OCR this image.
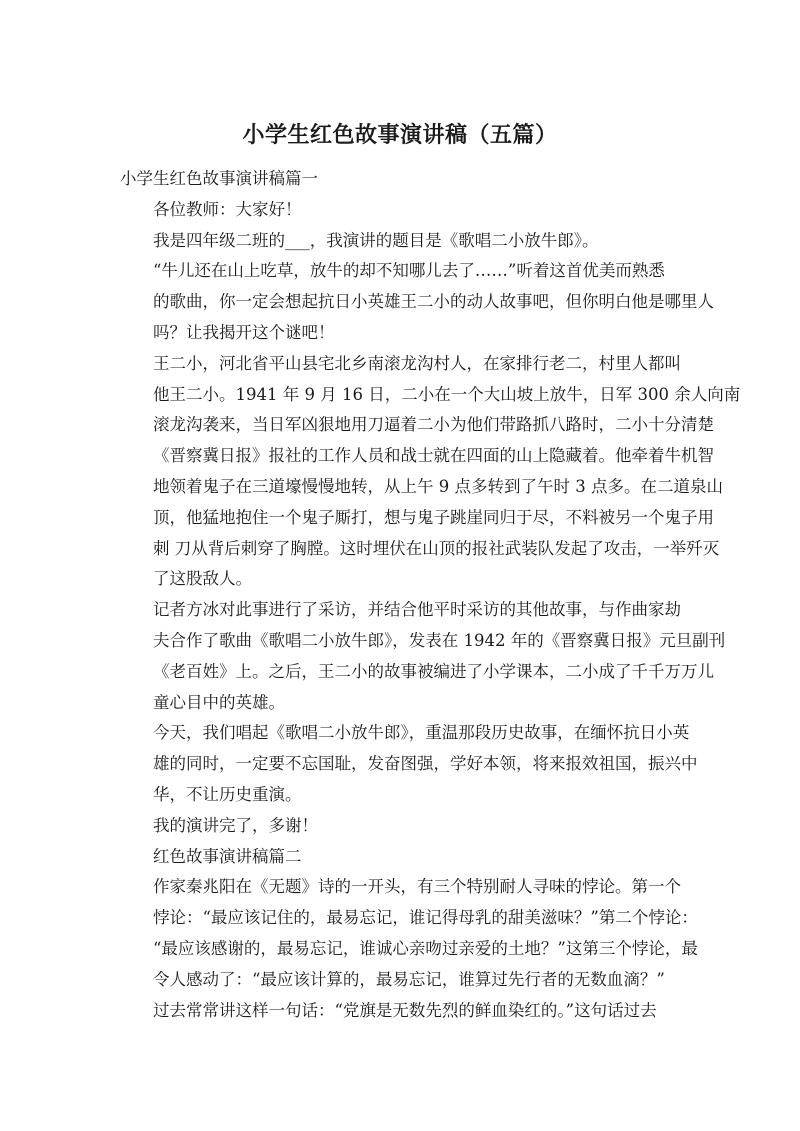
小学生红色故事演讲稿（五篇）

小学生红色故事演讲稿篇一

各位教师：大家好！

我是四年级二班的___，我演讲的题目是《歌唱二小放牛郎》。

“牛儿还在山上吃草，放牛的却不知哪儿去了……”听着这首优美而熟悉
的歌曲，你一定会想起抗日小英雄王二小的动人故事吧，但你明白他是哪里人
吗？让我揭开这个谜吧！

王二小，河北省平山县宅北乡南滚龙沟村人，在家排行老二，村里人都叫
他王二小。1941 年 9 月 16 日，二小在一个大山坡上放牛，日军 300 余人向南
滚龙沟袭来，当日军凶狠地用刀逼着二小为他们带路抓八路时，二小十分清楚
《晋察冀日报》报社的工作人员和战士就在四面的山上隐藏着。他牵着牛机智
地领着鬼子在三道壕慢慢地转，从上午 9 点多转到了午时 3 点多。在二道泉山
顶，他猛地抱住一个鬼子厮打，想与鬼子跳崖同归于尽，不料被另一个鬼子用
刺 刀从背后刺穿了胸膛。这时埋伏在山顶的报社武装队发起了攻击，一举歼灭
了这股敌人。

记者方冰对此事进行了采访，并结合他平时采访的其他故事，与作曲家劫
夫合作了歌曲《歌唱二小放牛郎》，发表在 1942 年的《晋察冀日报》元旦副刊
《老百姓》上。之后，王二小的故事被编进了小学课本，二小成了千千万万儿
童心目中的英雄。

今天，我们唱起《歌唱二小放牛郎》，重温那段历史故事，在缅怀抗日小英
雄的同时，一定要不忘国耻，发奋图强，学好本领，将来报效祖国，振兴中
华，不让历史重演。

我的演讲完了，多谢！

红色故事演讲稿篇二

作家秦兆阳在《无题》诗的一开头，有三个特别耐人寻味的悖论。第一个
悖论：“最应该记住的，最易忘记，谁记得母乳的甜美滋味？”第二个悖论：
“最应该感谢的，最易忘记，谁诚心亲吻过亲爱的土地？”这第三个悖论，最
令人感动了：“最应该计算的，最易忘记，谁算过先行者的无数血滴？”

过去常常讲这样一句话：“党旗是无数先烈的鲜血染红的。”这句话过去
